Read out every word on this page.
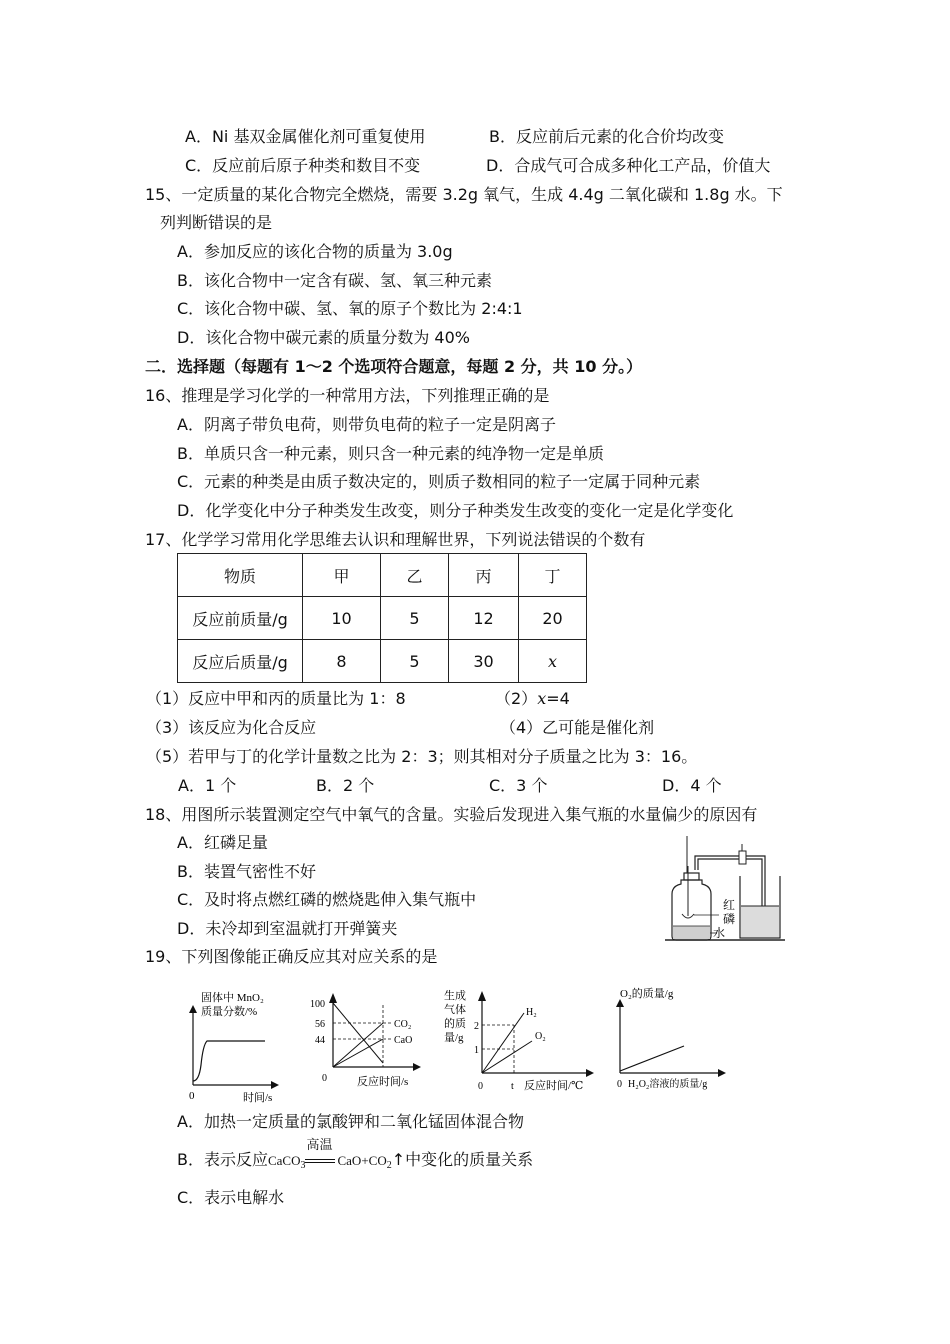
A．Ni 基双金属催化剂可重复使用	B．反应前后元素的化合价均改变
C．反应前后原子种类和数目不变	D．合成气可合成多种化工产品，价值大
15、一定质量的某化合物完全燃烧，需要 3.2g 氧气，生成 4.4g 二氧化碳和 1.8g 水。下
列判断错误的是
A．参加反应的该化合物的质量为 3.0g
B．该化合物中一定含有碳、氢、氧三种元素
C．该化合物中碳、氢、氧的原子个数比为 2:4:1
D．该化合物中碳元素的质量分数为 40%
二．选择题（每题有 1～2 个选项符合题意，每题 2 分，共 10 分。）
16、推理是学习化学的一种常用方法，下列推理正确的是
A．阴离子带负电荷，则带负电荷的粒子一定是阴离子
B．单质只含一种元素，则只含一种元素的纯净物一定是单质
C．元素的种类是由质子数决定的，则质子数相同的粒子一定属于同种元素
D．化学变化中分子种类发生改变，则分子种类发生改变的变化一定是化学变化
17、化学学习常用化学思维去认识和理解世界，下列说法错误的个数有
物质	甲	乙	丙	丁
反应前质量/g	10	5	12	20
反应后质量/g	8	5	30	x
（1）反应中甲和丙的质量比为 1：8	（2）x=4
（3）该反应为化合反应	（4）乙可能是催化剂
（5）若甲与丁的化学计量数之比为 2：3；则其相对分子质量之比为 3：16。
A．1 个	B．2 个	C．3 个	D．4 个
18、用图所示装置测定空气中氧气的含量。实验后发现进入集气瓶的水量偏少的原因有
A．红磷足量
B．装置气密性不好
C．及时将点燃红磷的燃烧匙伸入集气瓶中
D．未冷却到室温就打开弹簧夹
红磷
水
19、下列图像能正确反应其对应关系的是
固体中 MnO₂
质量分数/%
0	时间/s
100
56
44
CO₂
CaO
0	反应时间/s
生成
气体
的质
量/g
2
1
H₂
O₂
0	t 反应时间/℃
O₂的质量/g
0 H₂O₂溶液的质量/g
A．加热一定质量的氯酸钾和二氧化锰固体混合物
B．表示反应CaCO$_3$
高温
$CaO+CO_2↑$中变化的质量关系
C．表示电解水
